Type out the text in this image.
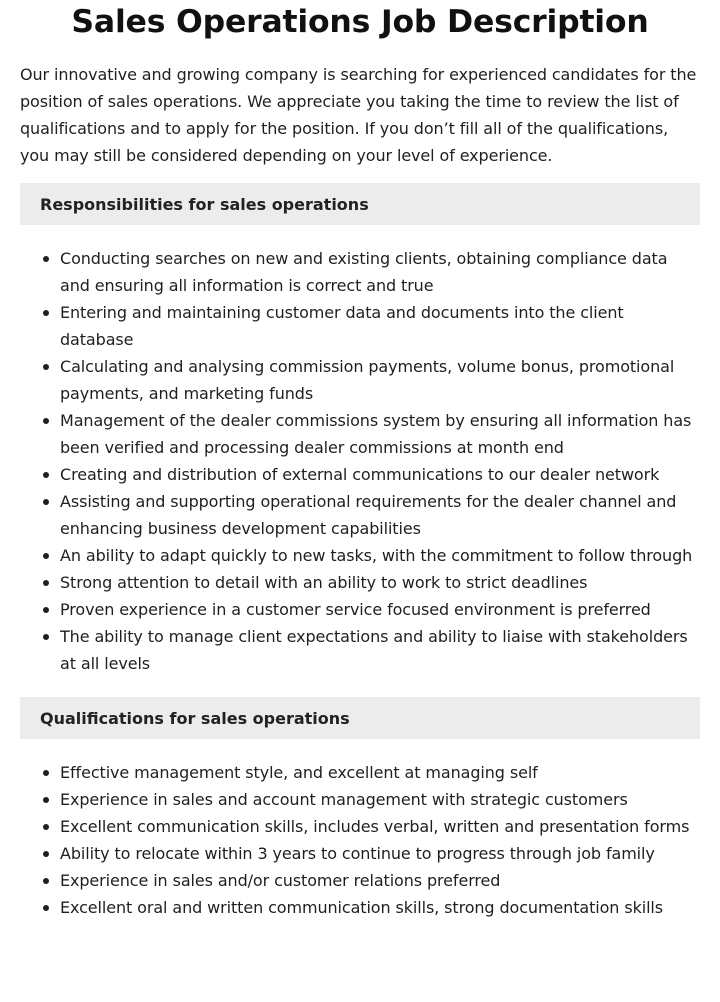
Sales Operations Job Description

Our innovative and growing company is searching for experienced candidates for the position of sales operations. We appreciate you taking the time to review the list of qualifications and to apply for the position. If you don’t fill all of the qualifications, you may still be considered depending on your level of experience.

Responsibilities for sales operations
Conducting searches on new and existing clients, obtaining compliance data and ensuring all information is correct and true
Entering and maintaining customer data and documents into the client database
Calculating and analysing commission payments, volume bonus, promotional payments, and marketing funds
Management of the dealer commissions system by ensuring all information has been verified and processing dealer commissions at month end
Creating and distribution of external communications to our dealer network
Assisting and supporting operational requirements for the dealer channel and enhancing business development capabilities
An ability to adapt quickly to new tasks, with the commitment to follow through
Strong attention to detail with an ability to work to strict deadlines
Proven experience in a customer service focused environment is preferred
The ability to manage client expectations and ability to liaise with stakeholders at all levels
Qualifications for sales operations
Effective management style, and excellent at managing self
Experience in sales and account management with strategic customers
Excellent communication skills, includes verbal, written and presentation forms
Ability to relocate within 3 years to continue to progress through job family
Experience in sales and/or customer relations preferred
Excellent oral and written communication skills, strong documentation skills
